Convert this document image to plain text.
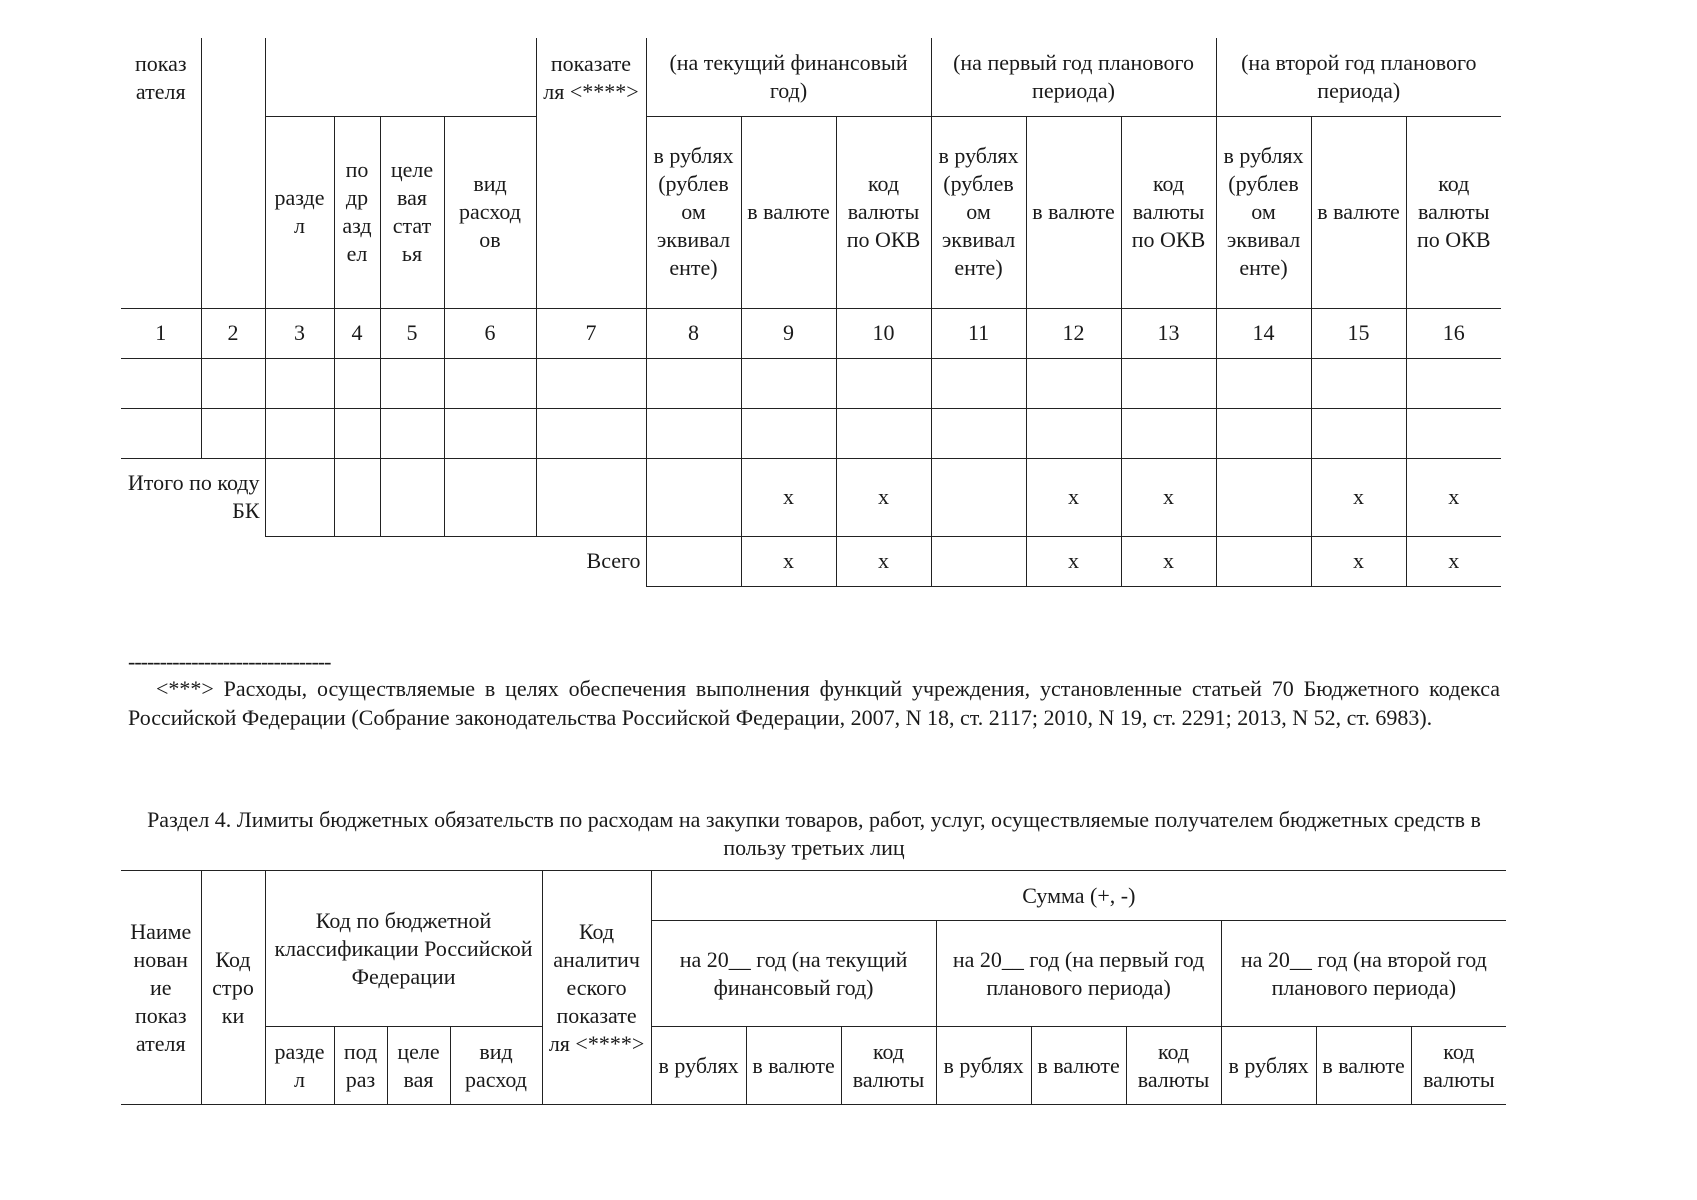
показ ателя						показате ля <****>	(на текущий финансовый год)			(на первый год планового периода)			(на второй год планового периода)		
		разде л	по др азд ел	целе вая стат ья	вид расход ов		в рублях (рублев ом эквивал енте)	в валюте	код валюты по ОКВ	в рублях (рублев ом эквивал енте)	в валюте	код валюты по ОКВ	в рублях (рублев ом эквивал енте)	в валюте	код валюты по ОКВ
1	2	3	4	5	6	7	8	9	10	11	12	13	14	15	16

Итого по коду БК								x	x		x	x		x	x
Всего								x	x		x	x		x	x
--------------------------------
<***> Расходы, осуществляемые в целях обеспечения выполнения функций учреждения, установленные статьей 70 Бюджетного кодекса Российской Федерации (Собрание законодательства Российской Федерации, 2007, N 18, ст. 2117; 2010, N 19, ст. 2291; 2013, N 52, ст. 6983).
Раздел 4. Лимиты бюджетных обязательств по расходам на закупки товаров, работ, услуг, осуществляемые получателем бюджетных средств в пользу третьих лиц
Наиме нован ие показ ателя	Код стро ки	Код по бюджетной классификации Российской Федерации				Код аналитич еского показате ля <****>	Сумма (+, -)								
							на 20__ год (на текущий финансовый год)			на 20__ год (на первый год планового периода)			на 20__ год (на второй год планового периода)		
		разде л	под раз	целе вая	вид расход		в рублях	в валюте	код валюты	в рублях	в валюте	код валюты	в рублях	в валюте	код валюты
